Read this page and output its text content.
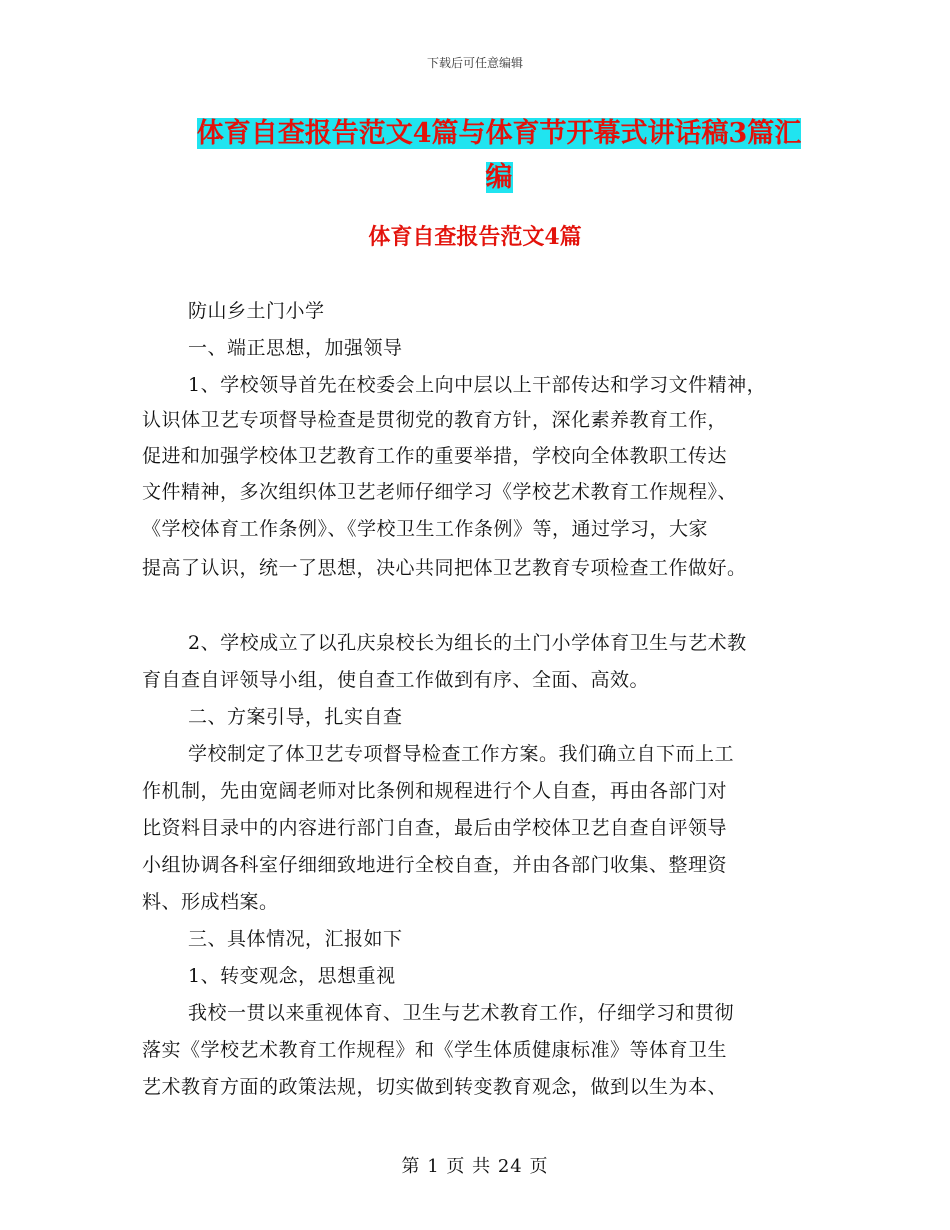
下载后可任意编辑
体育自查报告范文4篇与体育节开幕式讲话稿3篇汇
编
体育自查报告范文4篇
防山乡土门小学
一、端正思想，加强领导
1、学校领导首先在校委会上向中层以上干部传达和学习文件精神，
认识体卫艺专项督导检查是贯彻党的教育方针，深化素养教育工作，
促进和加强学校体卫艺教育工作的重要举措，学校向全体教职工传达
文件精神，多次组织体卫艺老师仔细学习《学校艺术教育工作规程》、
《学校体育工作条例》、《学校卫生工作条例》等，通过学习，大家
提高了认识，统一了思想，决心共同把体卫艺教育专项检查工作做好。
2、学校成立了以孔庆泉校长为组长的土门小学体育卫生与艺术教
育自查自评领导小组，使自查工作做到有序、全面、高效。
二、方案引导，扎实自查
学校制定了体卫艺专项督导检查工作方案。我们确立自下而上工
作机制，先由宽阔老师对比条例和规程进行个人自查，再由各部门对
比资料目录中的内容进行部门自查，最后由学校体卫艺自查自评领导
小组协调各科室仔细细致地进行全校自查，并由各部门收集、整理资
料、形成档案。
三、具体情况，汇报如下
1、转变观念，思想重视
我校一贯以来重视体育、卫生与艺术教育工作，仔细学习和贯彻
落实《学校艺术教育工作规程》和《学生体质健康标准》等体育卫生
艺术教育方面的政策法规，切实做到转变教育观念，做到以生为本、
第 1 页 共 24 页
